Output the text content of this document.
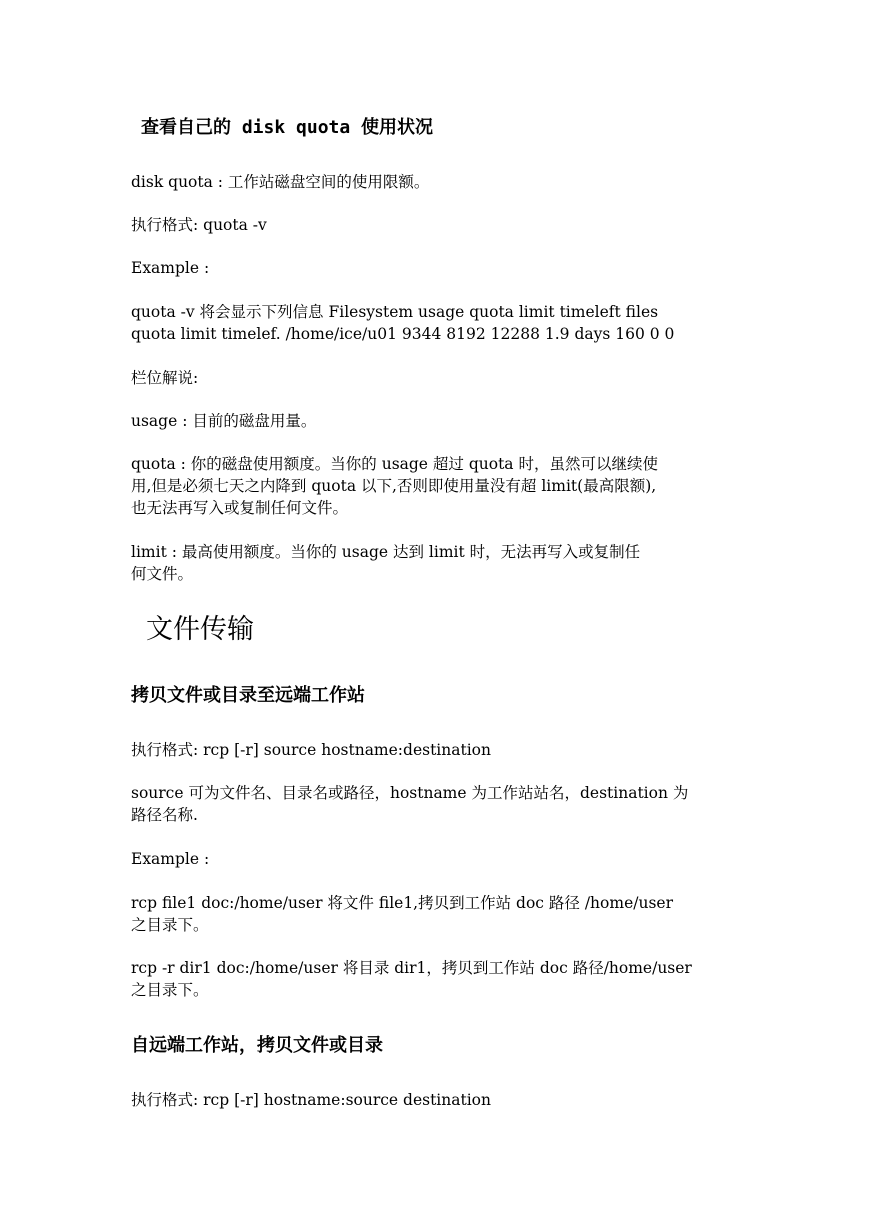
查看自己的 disk quota 使用状况

disk quota : 工作站磁盘空间的使用限额。

执行格式: quota -v

Example :

quota -v 将会显示下列信息 Filesystem usage quota limit timeleft files
quota limit timelef. /home/ice/u01 9344 8192 12288 1.9 days 160 0 0

栏位解说:

usage : 目前的磁盘用量。

quota : 你的磁盘使用额度。当你的 usage 超过 quota 时，虽然可以继续使
用,但是必须七天之内降到 quota 以下,否则即使用量没有超 limit(最高限额),
也无法再写入或复制任何文件。
limit : 最高使用额度。当你的 usage 达到 limit 时，无法再写入或复制任
何文件。
文件传输
拷贝文件或目录至远端工作站

执行格式: rcp [-r] source hostname:destination

source 可为文件名、目录名或路径，hostname 为工作站站名，destination 为
路径名称.

Example :

rcp file1 doc:/home/user 将文件 file1,拷贝到工作站 doc 路径 /home/user
之目录下。
rcp -r dir1 doc:/home/user 将目录 dir1，拷贝到工作站 doc 路径/home/user
之目录下。
自远端工作站，拷贝文件或目录

执行格式: rcp [-r] hostname:source destination
